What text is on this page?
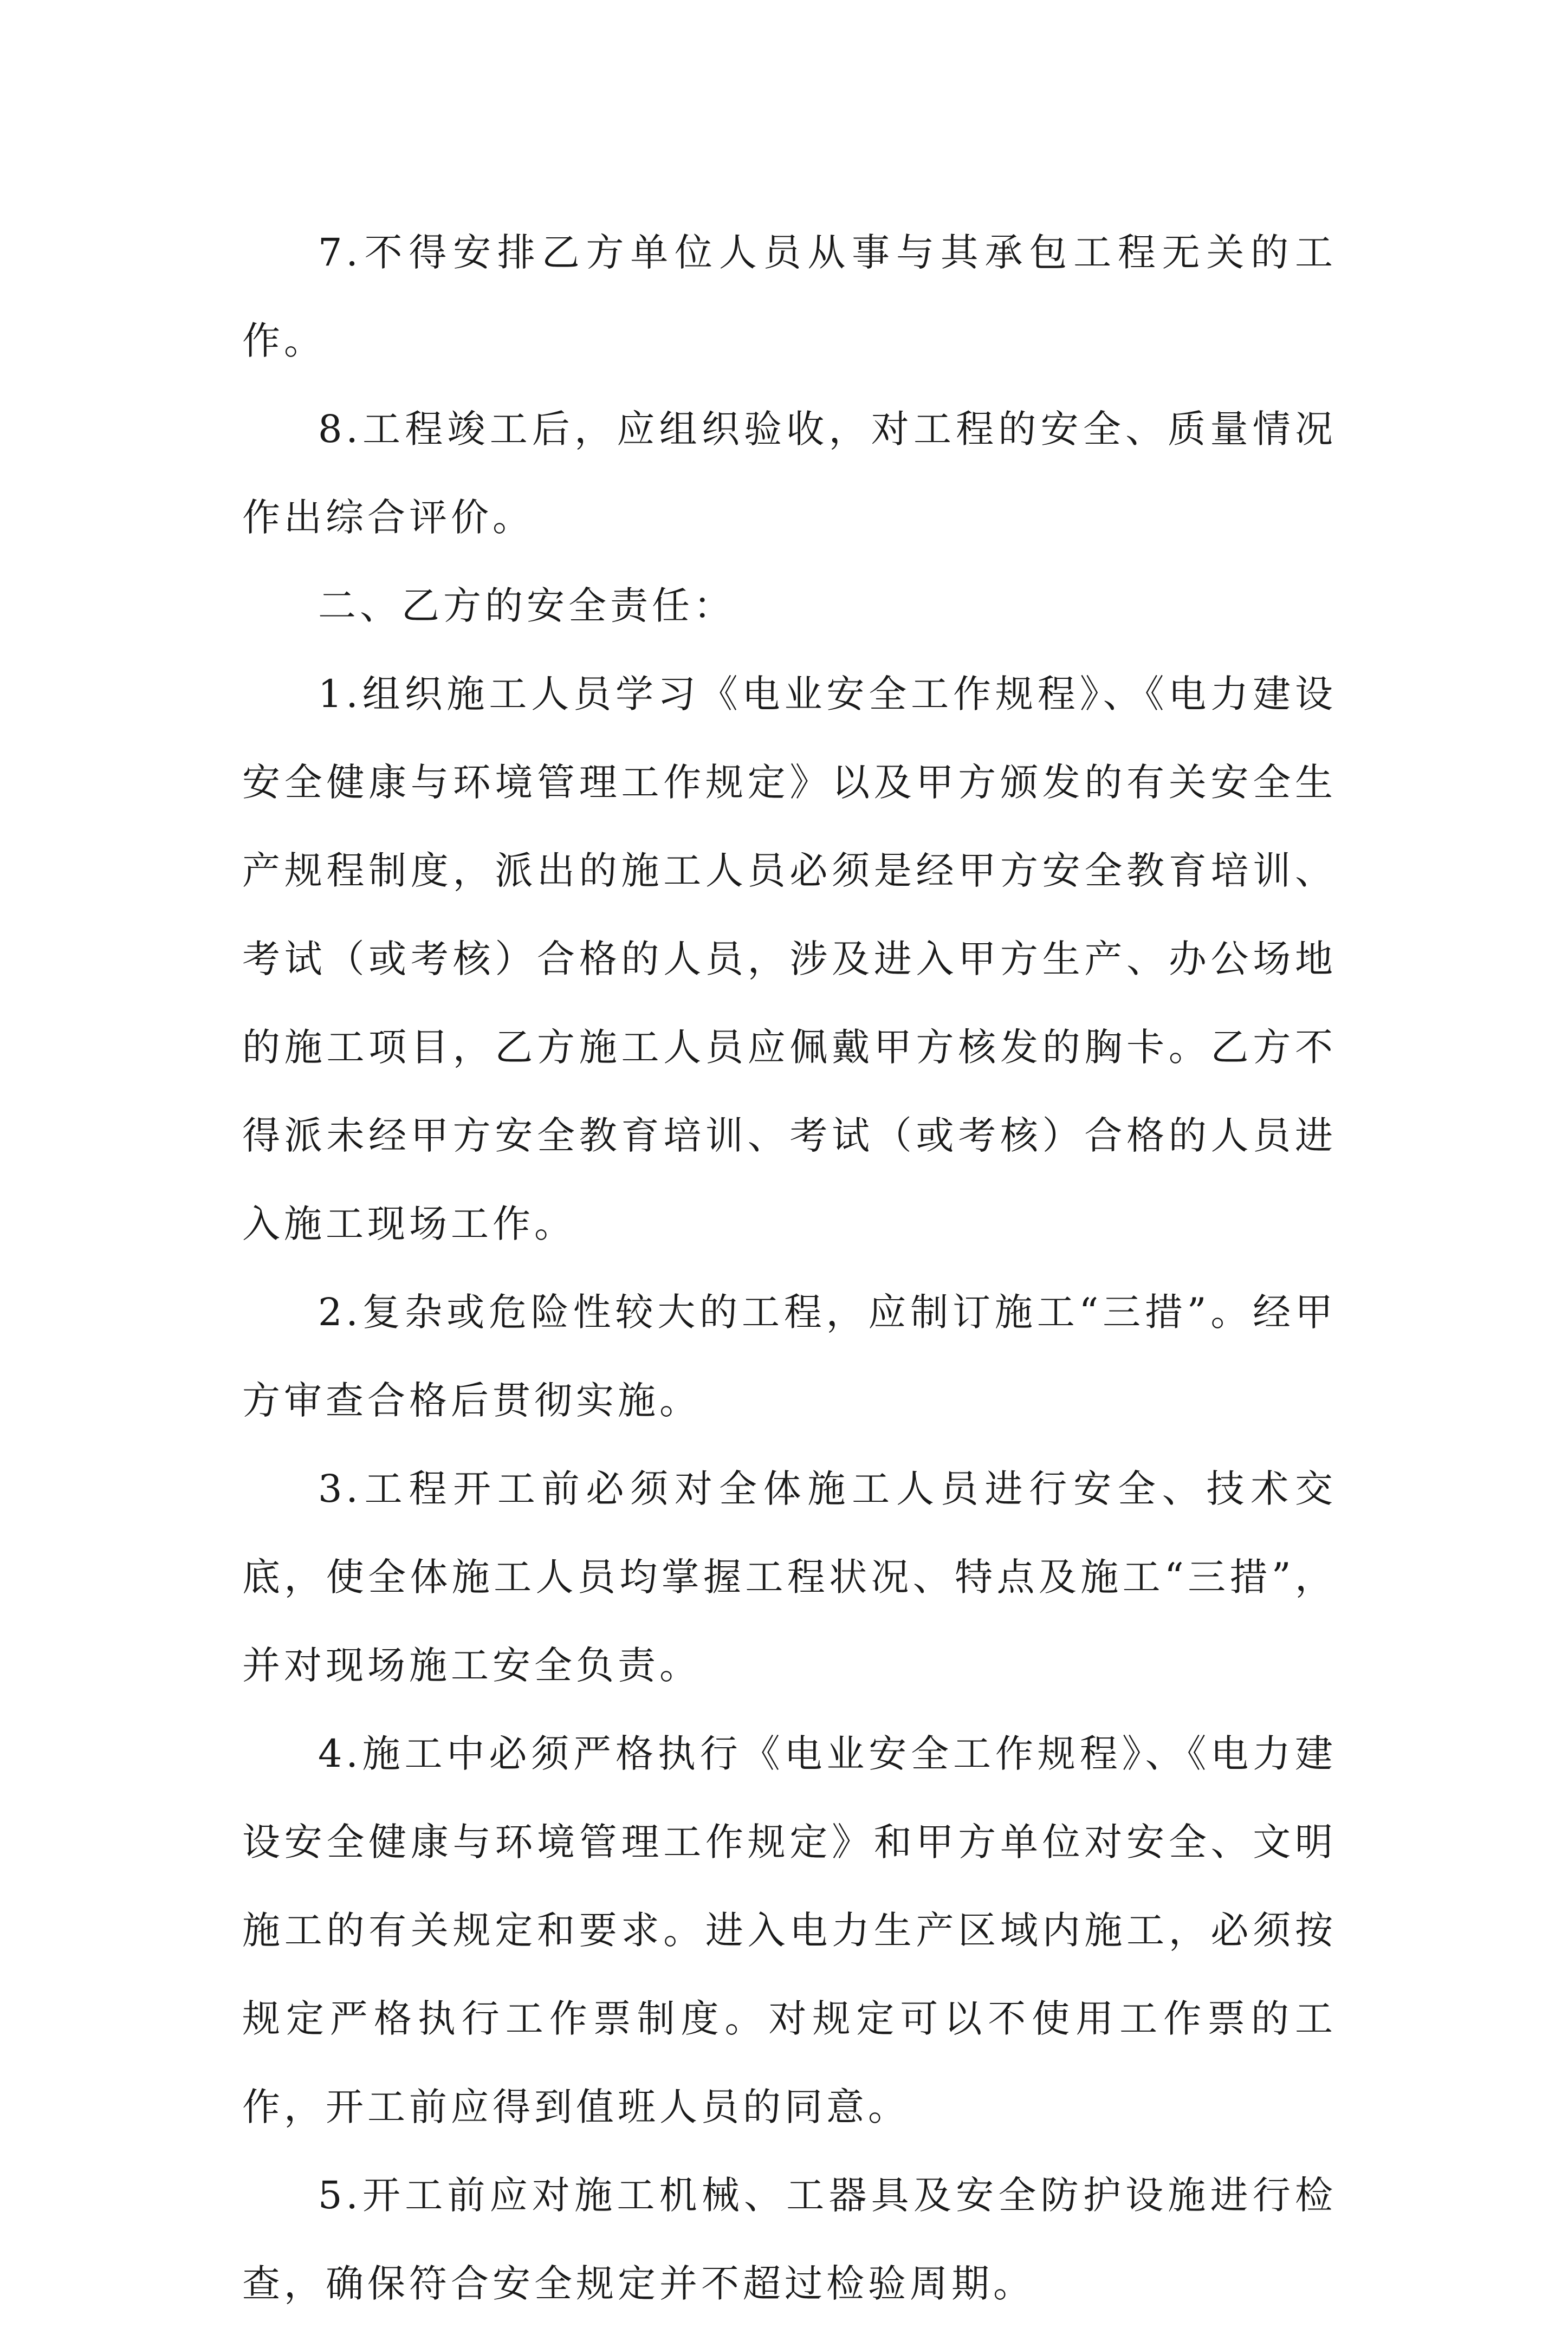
7.不得安排乙方单位人员从事与其承包工程无关的工作。

8.工程竣工后，应组织验收，对工程的安全、质量情况作出综合评价。

二、乙方的安全责任：

1.组织施工人员学习《电业安全工作规程》、《电力建设安全健康与环境管理工作规定》以及甲方颁发的有关安全生产规程制度，派出的施工人员必须是经甲方安全教育培训、考试（或考核）合格的人员，涉及进入甲方生产、办公场地的施工项目，乙方施工人员应佩戴甲方核发的胸卡。乙方不得派未经甲方安全教育培训、考试（或考核）合格的人员进入施工现场工作。

2.复杂或危险性较大的工程，应制订施工“三措”。经甲方审查合格后贯彻实施。

3.工程开工前必须对全体施工人员进行安全、技术交底，使全体施工人员均掌握工程状况、特点及施工“三措”，并对现场施工安全负责。

4.施工中必须严格执行《电业安全工作规程》、《电力建设安全健康与环境管理工作规定》和甲方单位对安全、文明施工的有关规定和要求。进入电力生产区域内施工，必须按规定严格执行工作票制度。对规定可以不使用工作票的工作，开工前应得到值班人员的同意。

5.开工前应对施工机械、工器具及安全防护设施进行检查，确保符合安全规定并不超过检验周期。
